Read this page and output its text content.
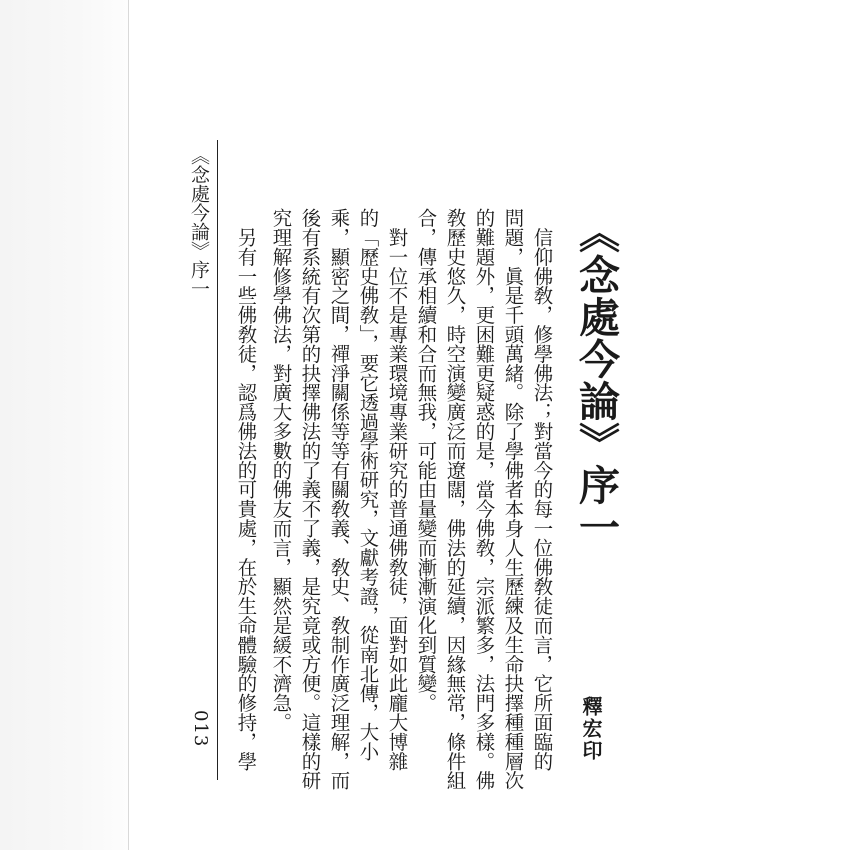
《念處今論》序一
釋宏印
　信仰佛敎，修學佛法；對當今的每一位佛敎徒而言，它所面臨的
問題，眞是千頭萬緒。除了學佛者本身人生歷練及生命抉擇種種層次
的難題外，更困難更疑惑的是，當今佛敎，宗派繁多，法門多樣。佛
敎歷史悠久，時空演變廣泛而遼闊，佛法的延續，因緣無常，條件組
合，傳承相續和合而無我，可能由量變而漸漸演化到質變。
　對一位不是專業環境專業研究的普通佛敎徒，面對如此龐大博雜
的「歷史佛敎」，要它透過學術研究，文獻考證，從南北傳，大小
乘，顯密之間，禪淨關係等等有關敎義、敎史、敎制作廣泛理解，而
後有系統有次第的抉擇佛法的了義不了義，是究竟或方便。這樣的研
究理解修學佛法，對廣大多數的佛友而言，顯然是緩不濟急。
　另有一些佛敎徒，認爲佛法的可貴處，在於生命體驗的修持，學
《念處今論》序一
013
